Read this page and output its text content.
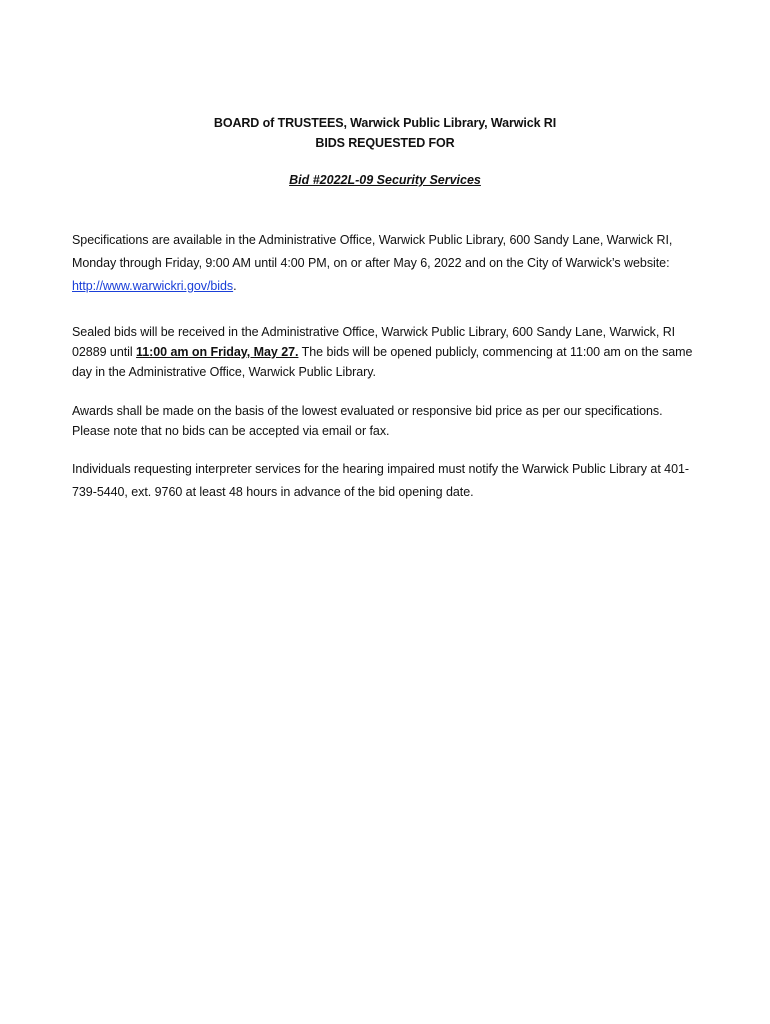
BOARD of TRUSTEES, Warwick Public Library, Warwick RI
BIDS REQUESTED FOR
Bid #2022L-09 Security Services
Specifications are available in the Administrative Office, Warwick Public Library, 600 Sandy Lane, Warwick RI, Monday through Friday, 9:00 AM until 4:00 PM, on or after May 6, 2022 and on the City of Warwick’s website: http://www.warwickri.gov/bids.
Sealed bids will be received in the Administrative Office, Warwick Public Library, 600 Sandy Lane, Warwick, RI 02889 until 11:00 am on Friday, May 27. The bids will be opened publicly, commencing at 11:00 am on the same day in the Administrative Office, Warwick Public Library.
Awards shall be made on the basis of the lowest evaluated or responsive bid price as per our specifications. Please note that no bids can be accepted via email or fax.
Individuals requesting interpreter services for the hearing impaired must notify the Warwick Public Library at 401-739-5440, ext. 9760 at least 48 hours in advance of the bid opening date.
